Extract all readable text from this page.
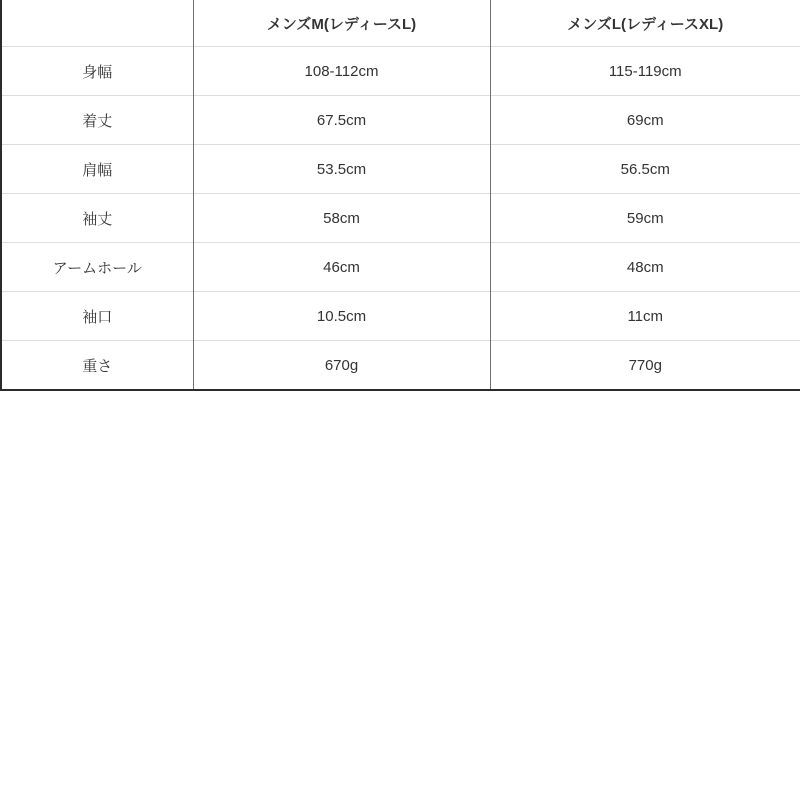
	メンズM(レディースL)	メンズL(レディースXL)
身幅	108-112cm	115-119cm
着丈	67.5cm	69cm
肩幅	53.5cm	56.5cm
袖丈	58cm	59cm
アームホール	46cm	48cm
袖口	10.5cm	11cm
重さ	670g	770g
